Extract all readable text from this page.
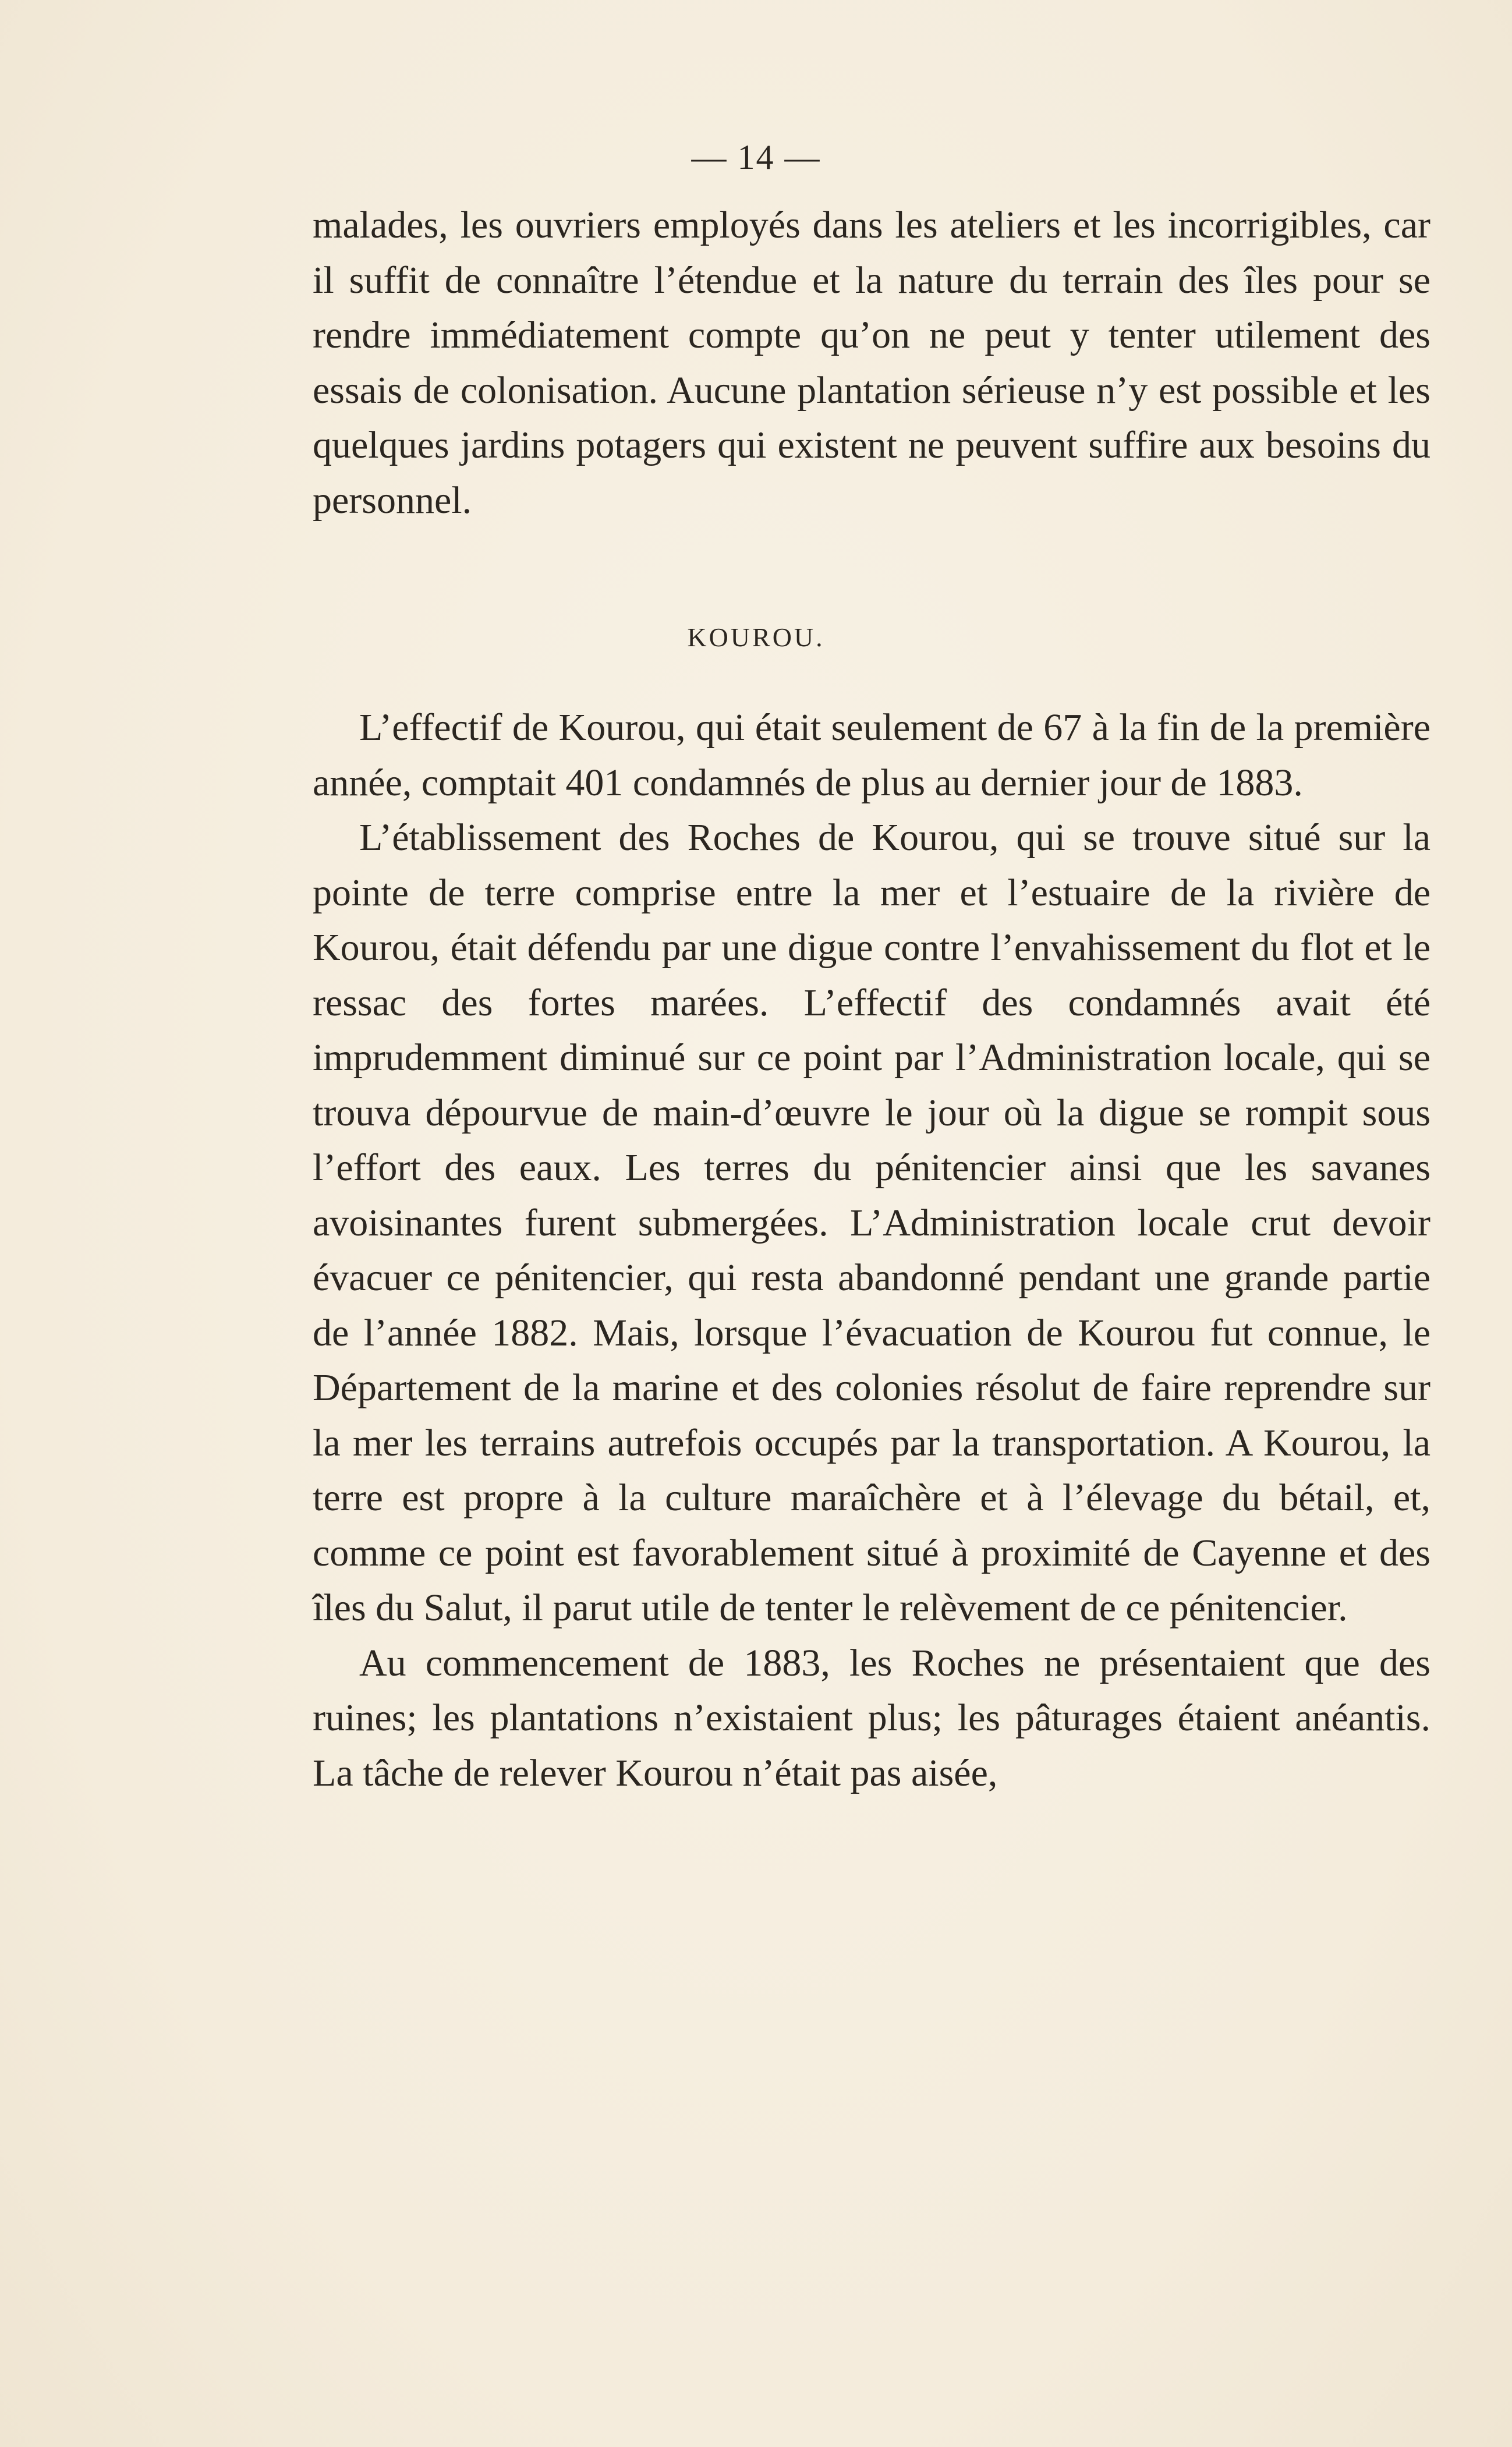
— 14 —

malades, les ouvriers employés dans les ateliers et les incorrigibles, car il suffit de connaître l’étendue et la nature du terrain des îles pour se rendre immédiatement compte qu’on ne peut y tenter utilement des essais de colonisation. Aucune plantation sérieuse n’y est possible et les quelques jardins potagers qui existent ne peuvent suffire aux besoins du personnel.

KOUROU.

L’effectif de Kourou, qui était seulement de 67 à la fin de la première année, comptait 401 condamnés de plus au dernier jour de 1883.

L’établissement des Roches de Kourou, qui se trouve situé sur la pointe de terre comprise entre la mer et l’estuaire de la rivière de Kourou, était défendu par une digue contre l’envahissement du flot et le ressac des fortes marées. L’effectif des condamnés avait été imprudemment diminué sur ce point par l’Administration locale, qui se trouva dépourvue de main-d’œuvre le jour où la digue se rompit sous l’effort des eaux. Les terres du pénitencier ainsi que les savanes avoisinantes furent submergées. L’Administration locale crut devoir évacuer ce pénitencier, qui resta abandonné pendant une grande partie de l’année 1882. Mais, lorsque l’évacuation de Kourou fut connue, le Département de la marine et des colonies résolut de faire reprendre sur la mer les terrains autrefois occupés par la transportation. A Kourou, la terre est propre à la culture maraîchère et à l’élevage du bétail, et, comme ce point est favorablement situé à proximité de Cayenne et des îles du Salut, il parut utile de tenter le relèvement de ce pénitencier.

Au commencement de 1883, les Roches ne présentaient que des ruines; les plantations n’existaient plus; les pâturages étaient anéantis. La tâche de relever Kourou n’était pas aisée,
